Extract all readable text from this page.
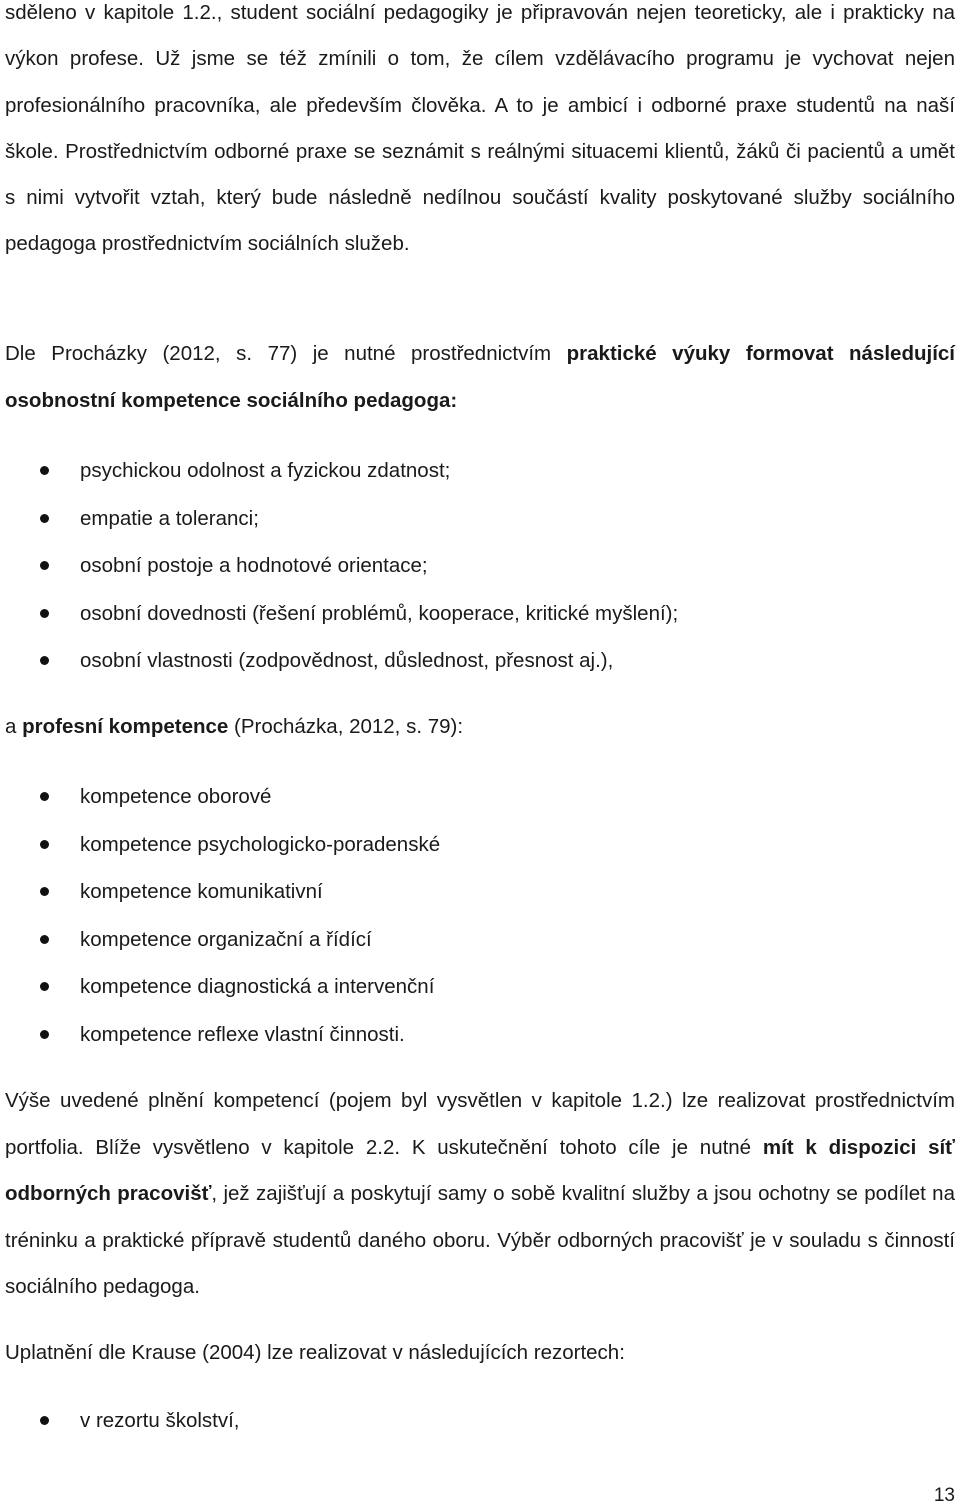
sděleno v kapitole 1.2., student sociální pedagogiky je připravován nejen teoreticky, ale i prakticky na výkon profese. Už jsme se též zmínili o tom, že cílem vzdělávacího programu je vychovat nejen profesionálního pracovníka, ale především člověka. A to je ambicí i odborné praxe studentů na naší škole. Prostřednictvím odborné praxe se seznámit s reálnými situacemi klientů, žáků či pacientů a umět s nimi vytvořit vztah, který bude následně nedílnou součástí kvality poskytované služby sociálního pedagoga prostřednictvím sociálních služeb.

Dle Procházky (2012, s. 77) je nutné prostřednictvím praktické výuky formovat následující osobnostní kompetence sociálního pedagoga:

psychickou odolnost a fyzickou zdatnost;
empatie a toleranci;
osobní postoje a hodnotové orientace;
osobní dovednosti (řešení problémů, kooperace, kritické myšlení);
osobní vlastnosti (zodpovědnost, důslednost, přesnost aj.),

a profesní kompetence (Procházka, 2012, s. 79):

kompetence oborové
kompetence psychologicko-poradenské
kompetence komunikativní
kompetence organizační a řídící
kompetence diagnostická a intervenční
kompetence reflexe vlastní činnosti.

Výše uvedené plnění kompetencí (pojem byl vysvětlen v kapitole 1.2.) lze realizovat prostřednictvím portfolia. Blíže vysvětleno v kapitole 2.2. K uskutečnění tohoto cíle je nutné mít k dispozici síť odborných pracovišť, jež zajišťují a poskytují samy o sobě kvalitní služby a jsou ochotny se podílet na tréninku a praktické přípravě studentů daného oboru. Výběr odborných pracovišť je v souladu s činností sociálního pedagoga.

Uplatnění dle Krause (2004) lze realizovat v následujících rezortech:

v rezortu školství,
13
